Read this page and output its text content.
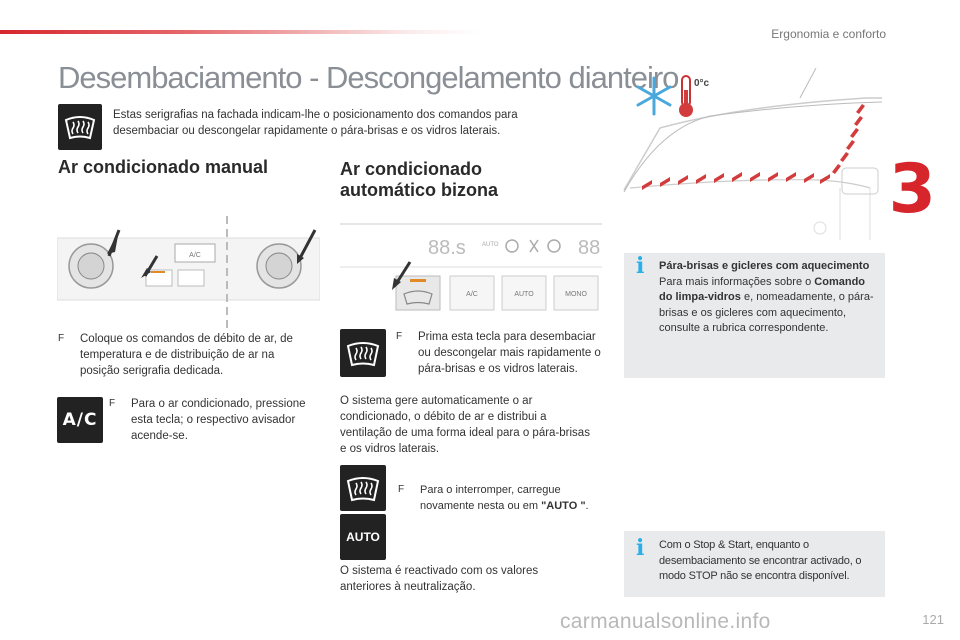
Ergonomia e conforto
3
Desembaciamento - Descongelamento dianteiro
Estas serigrafias na fachada indicam-lhe o posicionamento dos comandos para desembaciar ou descongelar rapidamente o pára-brisas e os vidros laterais.
Ar condicionado manual
A/C
F	Coloque os comandos de débito de ar, de temperatura e de distribuição de ar na posição serigrafia dedicada.
A/C
F	Para o ar condicionado, pressione esta tecla; o respectivo avisador acende-se.
Ar condicionado
automático bizona
88.s	AUTO	88
A/C	AUTO	MONO
F	Prima esta tecla para desembaciar ou descongelar mais rapidamente o pára-brisas e os vidros laterais.
O sistema gere automaticamente o ar condicionado, o débito de ar e distribui a ventilação de uma forma ideal para o pára-brisas e os vidros laterais.
AUTO
F	Para o interromper, carregue novamente nesta ou em "AUTO ".
O sistema é reactivado com os valores anteriores à neutralização.
0°c
i Pára-brisas e gicleres com aquecimento
Para mais informações sobre o Comando do limpa-vidros e, nomeadamente, o pára-brisas e os gicleres com aquecimento, consulte a rubrica correspondente.
i Com o Stop & Start, enquanto o desembaciamento se encontrar activado, o modo STOP não se encontra disponível.
carmanualsonline.info	121
